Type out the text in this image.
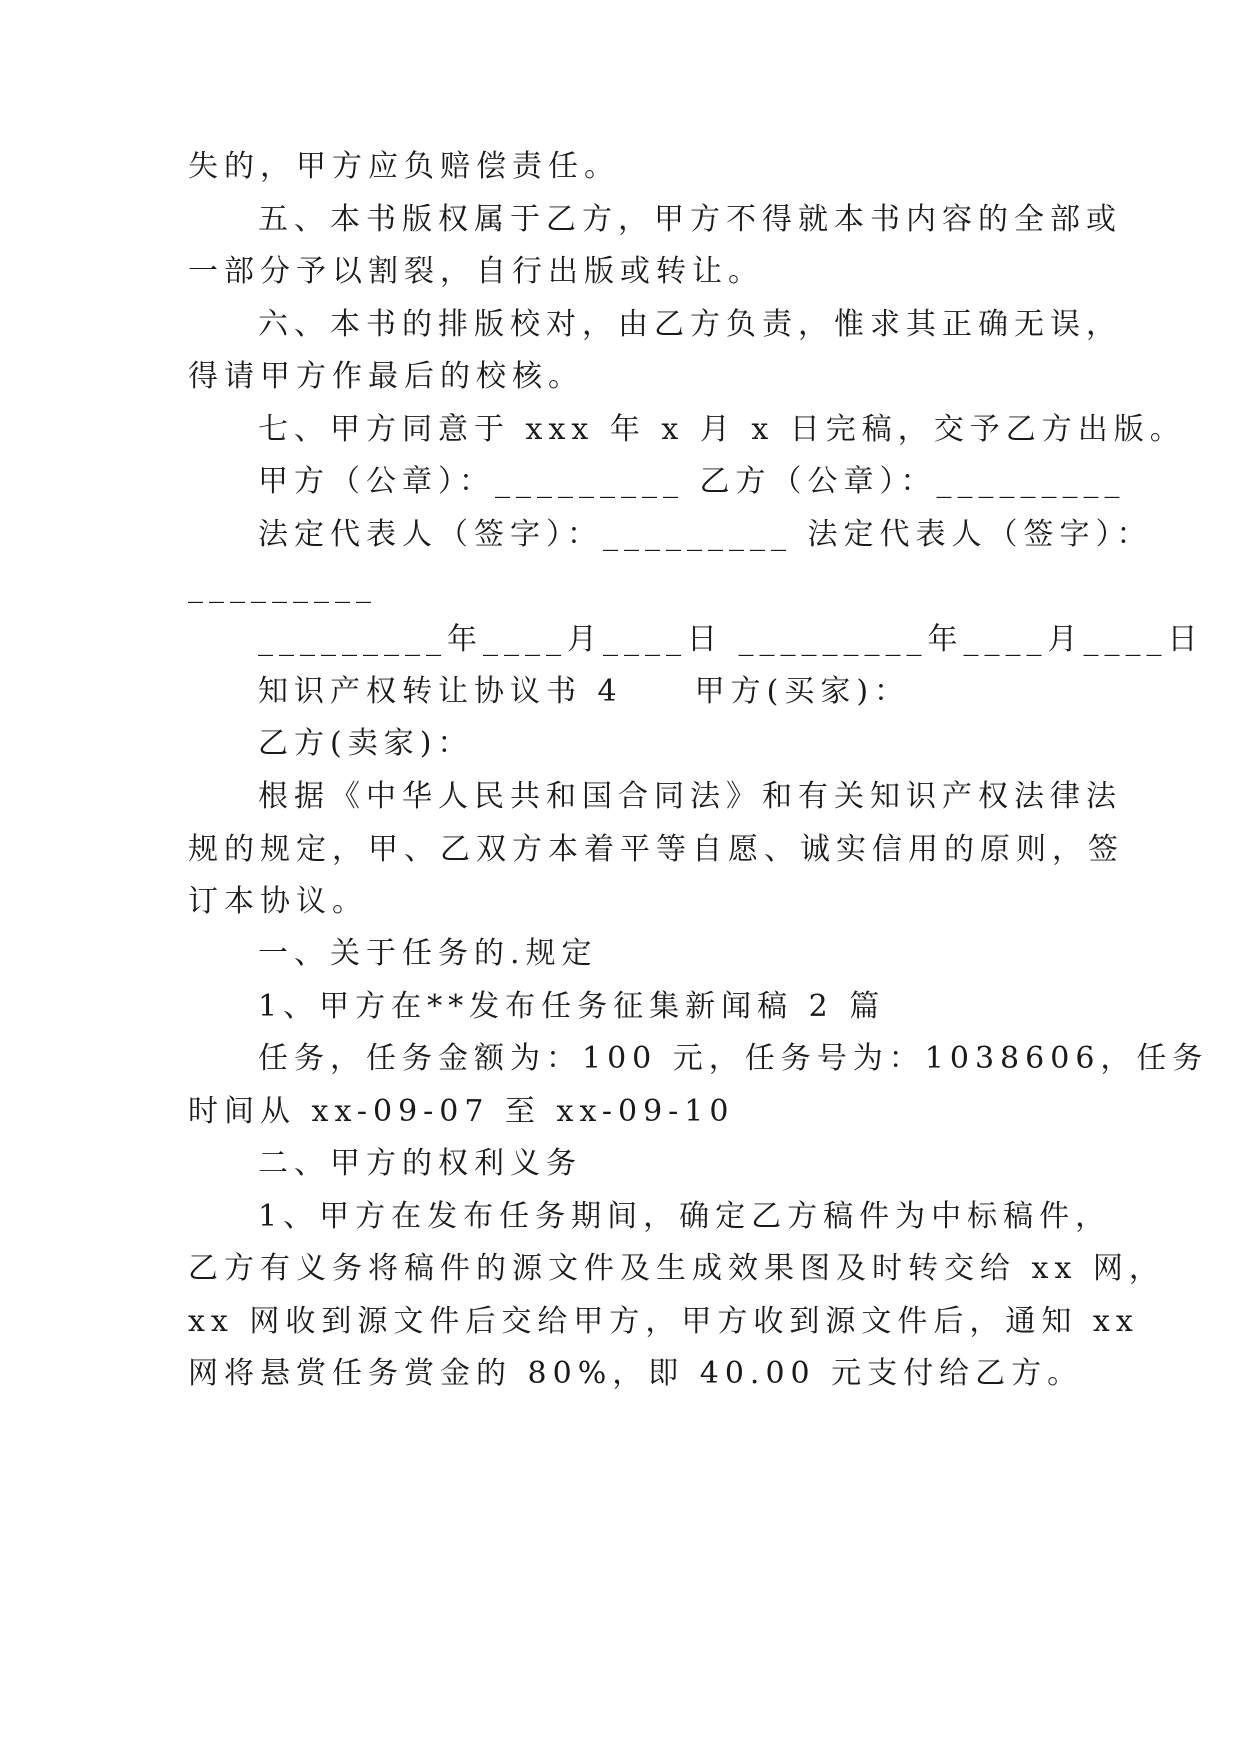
失的，甲方应负赔偿责任。
五、本书版权属于乙方，甲方不得就本书内容的全部或
一部分予以割裂，自行出版或转让。
六、本书的排版校对，由乙方负责，惟求其正确无误，
得请甲方作最后的校核。
七、甲方同意于 xxx 年 x 月 x 日完稿，交予乙方出版。
甲方（公章）：_________ 乙方（公章）：_________
法定代表人（签字）：_________ 法定代表人（签字）：
_________
_________年____月____日 _________年____月____日
知识产权转让协议书 4　　甲方(买家)：
乙方(卖家)：
根据《中华人民共和国合同法》和有关知识产权法律法
规的规定，甲、乙双方本着平等自愿、诚实信用的原则，签
订本协议。
一、关于任务的.规定
1、甲方在**发布任务征集新闻稿 2 篇
任务，任务金额为：100 元，任务号为：1038606，任务
时间从 xx-09-07 至 xx-09-10
二、甲方的权利义务
1、甲方在发布任务期间，确定乙方稿件为中标稿件，
乙方有义务将稿件的源文件及生成效果图及时转交给 xx 网，
xx 网收到源文件后交给甲方，甲方收到源文件后，通知 xx
网将悬赏任务赏金的 80%，即 40.00 元支付给乙方。
